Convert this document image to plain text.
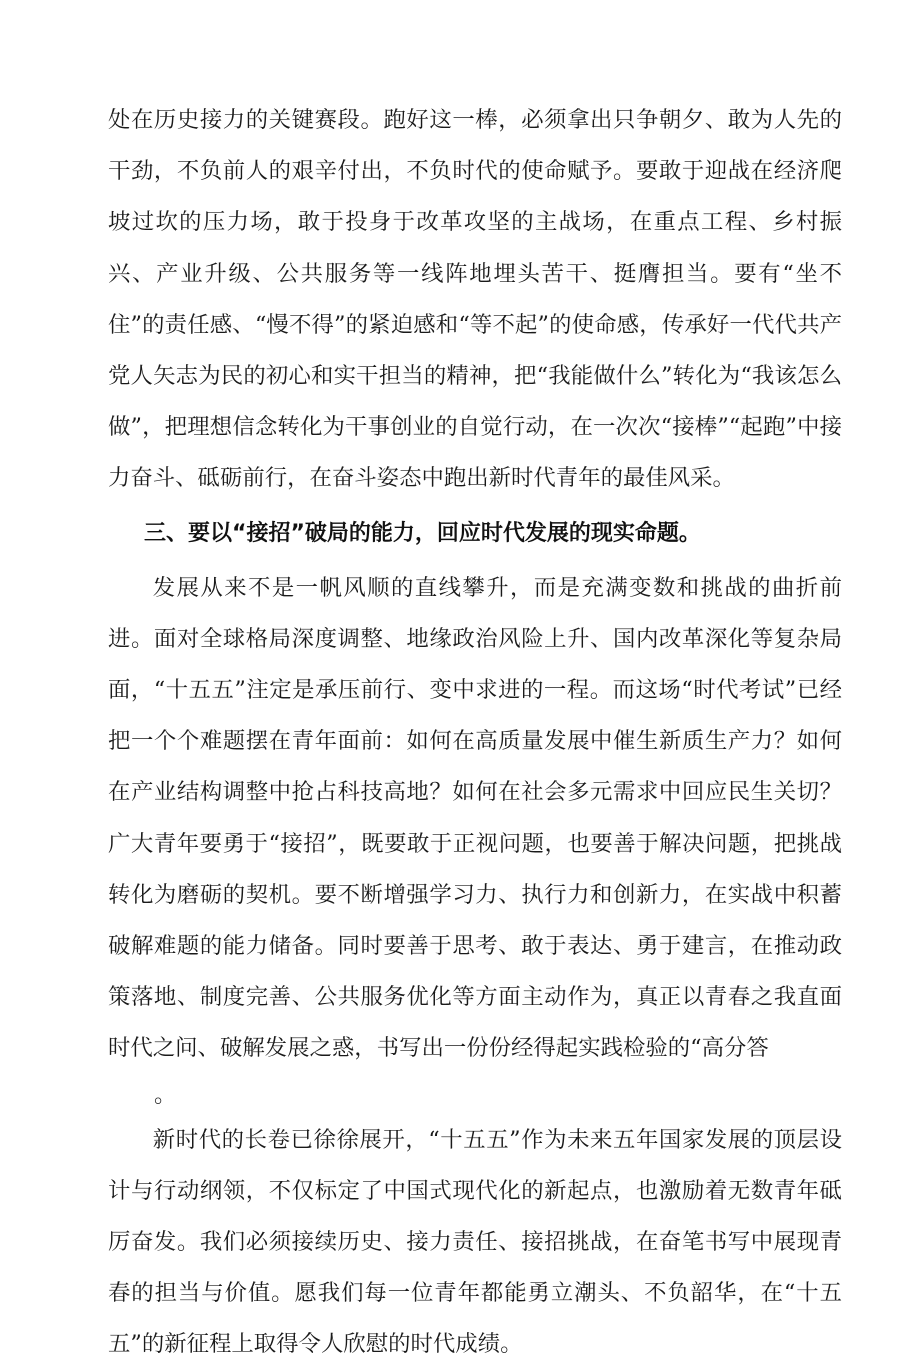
处在历史接力的关键赛段。跑好这一棒，必须拿出只争朝夕、敢为人先的干劲，不负前人的艰辛付出，不负时代的使命赋予。要敢于迎战在经济爬坡过坎的压力场，敢于投身于改革攻坚的主战场，在重点工程、乡村振兴、产业升级、公共服务等一线阵地埋头苦干、挺膺担当。要有“坐不住”的责任感、“慢不得”的紧迫感和“等不起”的使命感，传承好一代代共产党人矢志为民的初心和实干担当的精神，把“我能做什么”转化为“我该怎么做”，把理想信念转化为干事创业的自觉行动，在一次次“接棒”“起跑”中接力奋斗、砥砺前行，在奋斗姿态中跑出新时代青年的最佳风采。

三、要以“接招”破局的能力，回应时代发展的现实命题。

发展从来不是一帆风顺的直线攀升，而是充满变数和挑战的曲折前进。面对全球格局深度调整、地缘政治风险上升、国内改革深化等复杂局面，“十五五”注定是承压前行、变中求进的一程。而这场“时代考试”已经把一个个难题摆在青年面前：如何在高质量发展中催生新质生产力？如何在产业结构调整中抢占科技高地？如何在社会多元需求中回应民生关切？广大青年要勇于“接招”，既要敢于正视问题，也要善于解决问题，把挑战转化为磨砺的契机。要不断增强学习力、执行力和创新力，在实战中积蓄破解难题的能力储备。同时要善于思考、敢于表达、勇于建言，在推动政策落地、制度完善、公共服务优化等方面主动作为，真正以青春之我直面时代之问、破解发展之惑，书写出一份份经得起实践检验的“高分答

。

新时代的长卷已徐徐展开，“十五五”作为未来五年国家发展的顶层设计与行动纲领，不仅标定了中国式现代化的新起点，也激励着无数青年砥厉奋发。我们必须接续历史、接力责任、接招挑战，在奋笔书写中展现青春的担当与价值。愿我们每一位青年都能勇立潮头、不负韶华，在“十五五”的新征程上取得令人欣慰的时代成绩。
